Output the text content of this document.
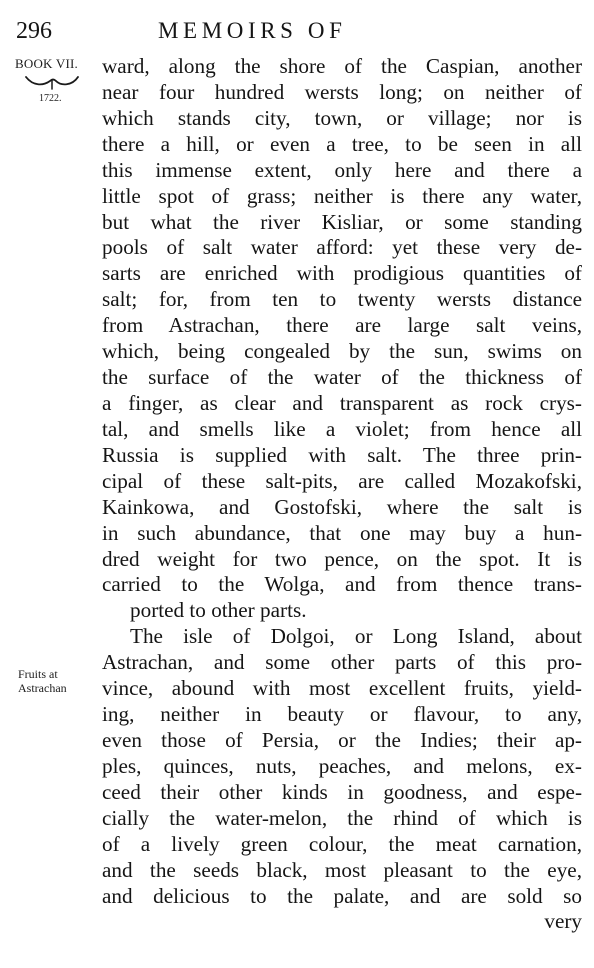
296	MEMOIRS OF
BOOK VII.
1722.
Fruits at
Astrachan
ward, along the shore of the Caspian, another
near four hundred wersts long; on neither of
which stands city, town, or village; nor is
there a hill, or even a tree, to be seen in all
this immense extent, only here and there a
little spot of grass; neither is there any water,
but what the river Kisliar, or some standing
pools of salt water afford: yet these very de-
sarts are enriched with prodigious quantities of
salt; for, from ten to twenty wersts distance
from Astrachan, there are large salt veins,
which, being congealed by the sun, swims on
the surface of the water of the thickness of
a finger, as clear and transparent as rock crys-
tal, and smells like a violet; from hence all
Russia is supplied with salt. The three prin-
cipal of these salt-pits, are called Mozakofski,
Kainkowa, and Gostofski, where the salt is
in such abundance, that one may buy a hun-
dred weight for two pence, on the spot. It is
carried to the Wolga, and from thence trans-
ported to other parts.
The isle of Dolgoi, or Long Island, about
Astrachan, and some other parts of this pro-
vince, abound with most excellent fruits, yield-
ing, neither in beauty or flavour, to any,
even those of Persia, or the Indies; their ap-
ples, quinces, nuts, peaches, and melons, ex-
ceed their other kinds in goodness, and espe-
cially the water-melon, the rhind of which is
of a lively green colour, the meat carnation,
and the seeds black, most pleasant to the eye,
and delicious to the palate, and are sold so
very
